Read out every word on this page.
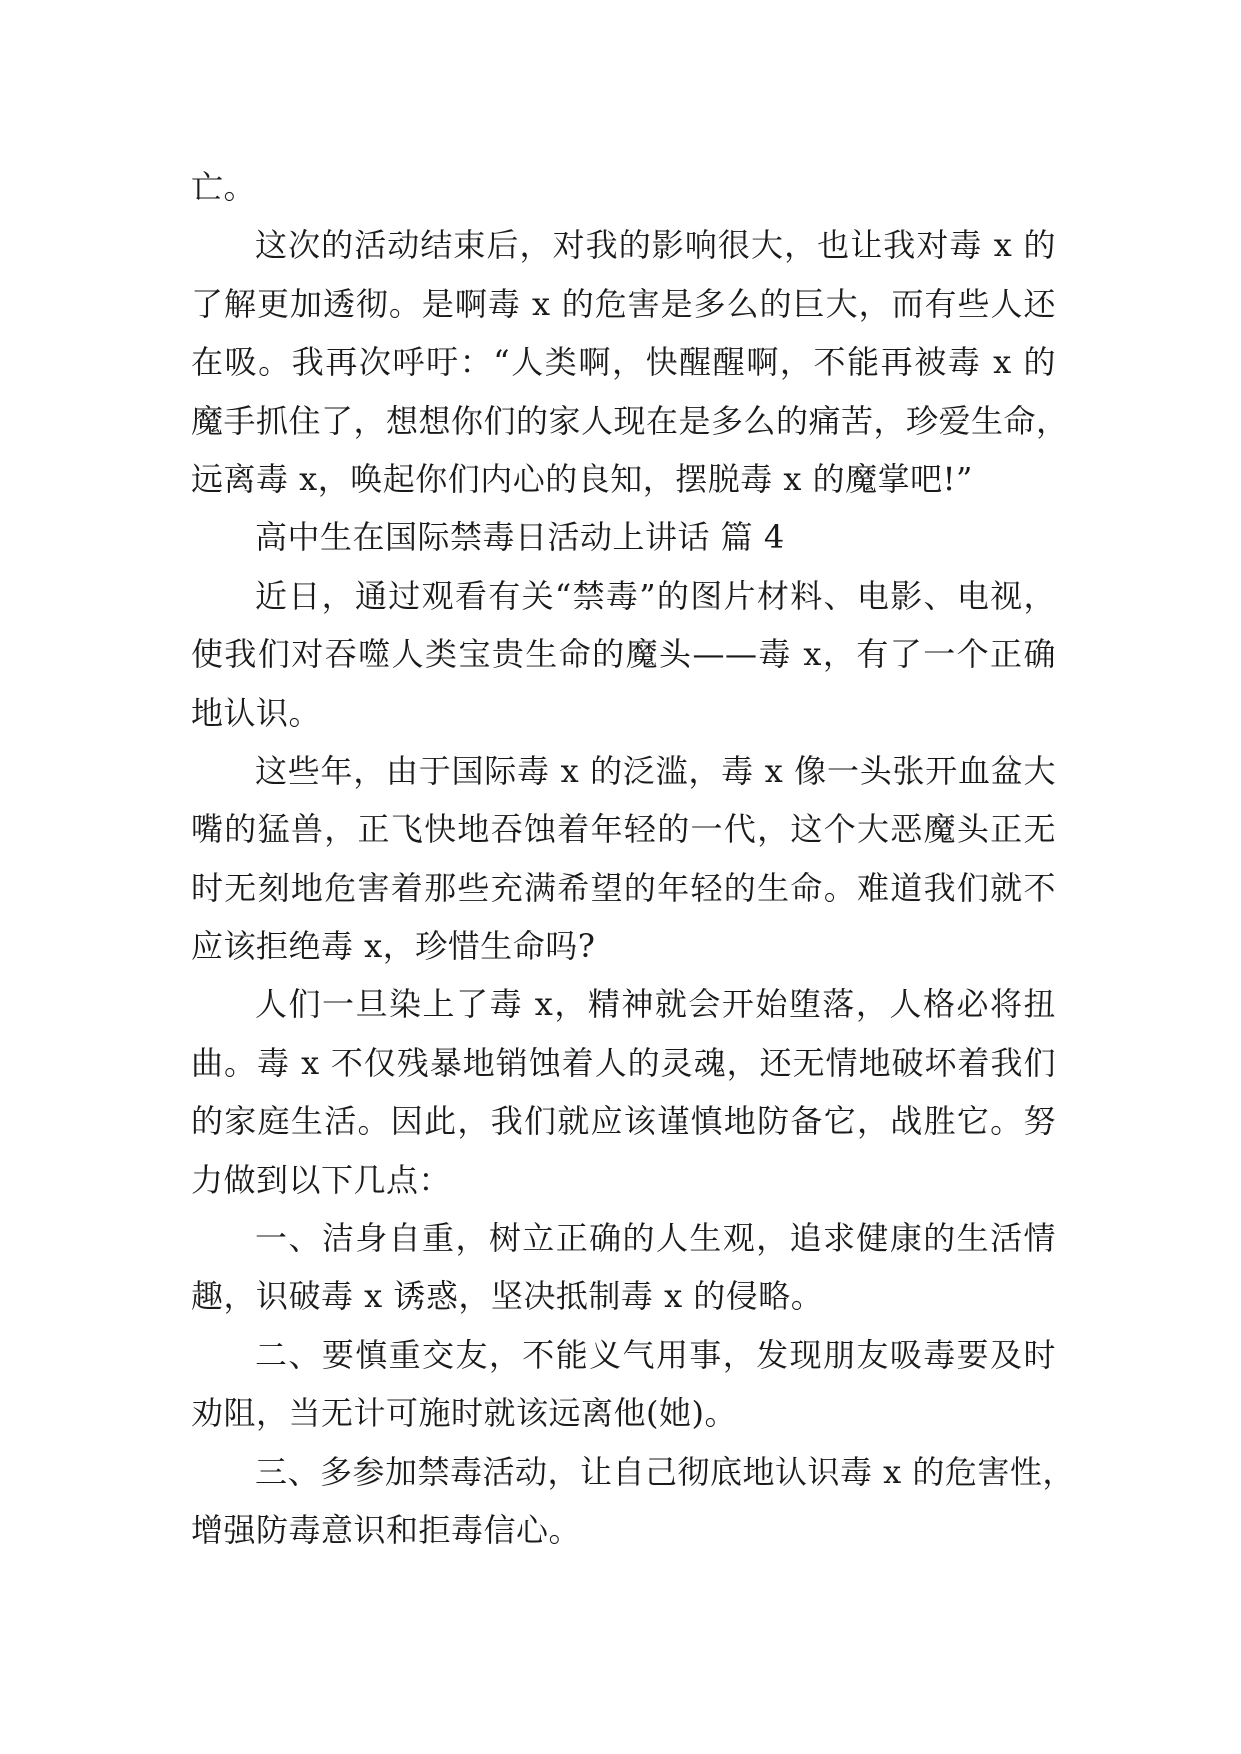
亡。
这次的活动结束后，对我的影响很大，也让我对毒 x 的
了解更加透彻。是啊毒 x 的危害是多么的巨大，而有些人还
在吸。我再次呼吁：“人类啊，快醒醒啊，不能再被毒 x 的
魔手抓住了，想想你们的家人现在是多么的痛苦，珍爱生命，
远离毒 x，唤起你们内心的良知，摆脱毒 x 的魔掌吧!”
高中生在国际禁毒日活动上讲话 篇 4
近日，通过观看有关“禁毒”的图片材料、电影、电视，
使我们对吞噬人类宝贵生命的魔头——毒 x，有了一个正确
地认识。
这些年，由于国际毒 x 的泛滥，毒 x 像一头张开血盆大
嘴的猛兽，正飞快地吞蚀着年轻的一代，这个大恶魔头正无
时无刻地危害着那些充满希望的年轻的生命。难道我们就不
应该拒绝毒 x，珍惜生命吗?
人们一旦染上了毒 x，精神就会开始堕落，人格必将扭
曲。毒 x 不仅残暴地销蚀着人的灵魂，还无情地破坏着我们
的家庭生活。因此，我们就应该谨慎地防备它，战胜它。努
力做到以下几点：
一、洁身自重，树立正确的人生观，追求健康的生活情
趣，识破毒 x 诱惑，坚决抵制毒 x 的侵略。
二、要慎重交友，不能义气用事，发现朋友吸毒要及时
劝阻，当无计可施时就该远离他(她)。
三、多参加禁毒活动，让自己彻底地认识毒 x 的危害性，
增强防毒意识和拒毒信心。
